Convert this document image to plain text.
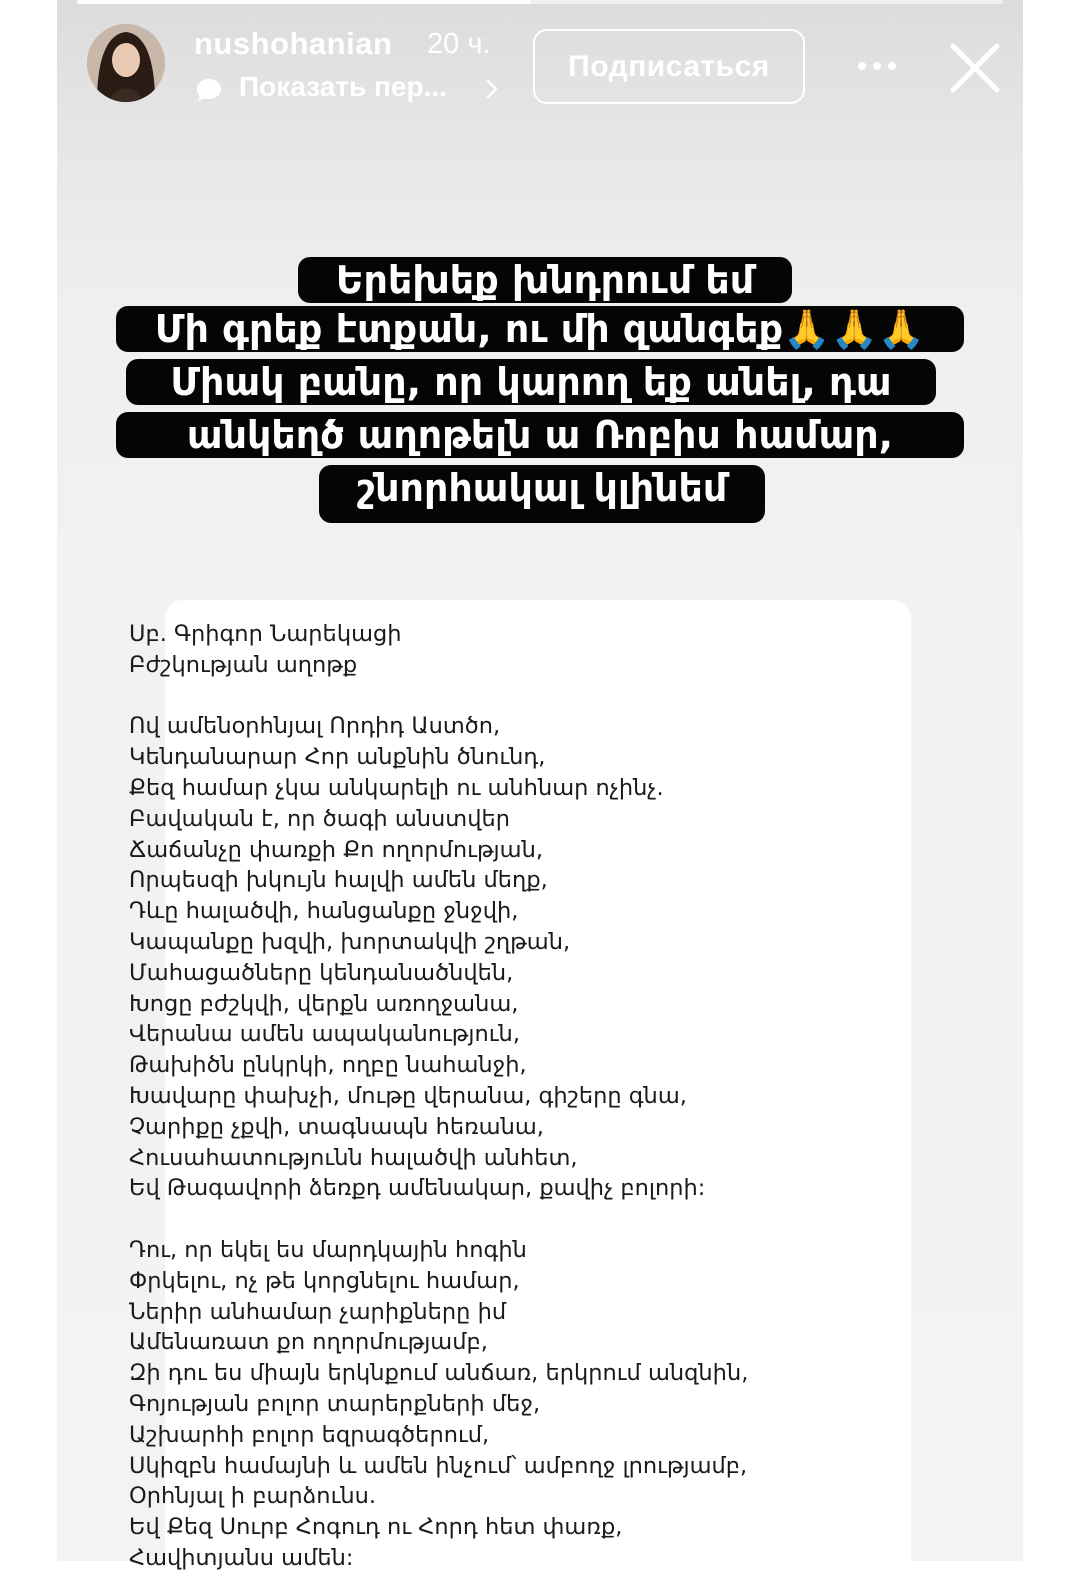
nushohanian 20 ч.
Показать пер...
Подписаться
Երեխեք խնդրում եմ
Մի գրեք էտքան, ու մի զանգեք🙏🙏🙏
Միակ բանը, որ կարող եք անել, դա
անկեղծ աղոթելն ա Ռոբիս համար,
շնորհակալ կլինեմ
Սբ. Գրիգոր Նարեկացի
Բժշկության աղոթք
Ով ամենօրհնյալ Որդիդ Աստծո,
Կենդանարար Հոր անքնին ծնունդ,
Քեզ համար չկա անկարելի ու անհնար ոչինչ.
Բավական է, որ ծագի անստվեր
Ճաճանչը փառքի Քո ողորմության,
Որպեսզի խկույն հալվի ամեն մեղք,
Դևը հալածվի, հանցանքը ջնջվի,
Կապանքը խզվի, խորտակվի շղթան,
Մահացածները կենդանածնվեն,
Խոցը բժշկվի, վերքն առողջանա,
Վերանա ամեն ապականություն,
Թախիծն ընկրկի, ողբը նահանջի,
Խավարը փախչի, մութը վերանա, գիշերը գնա,
Չարիքը չքվի, տագնապն հեռանա,
Հուսահատությունն հալածվի անհետ,
Եվ Թագավորի ձեռքդ ամենակար, քավիչ բոլորի:
Դու, որ եկել ես մարդկային հոգին
Փրկելու, ոչ թե կորցնելու համար,
Ներիր անհամար չարիքները իմ
Ամենառատ քո ողորմությամբ,
Զի դու ես միայն երկնքում անճառ, երկրում անզնին,
Գոյության բոլոր տարերքների մեջ,
Աշխարհի բոլոր եզրագծերում,
Սկիզբն համայնի և ամեն ինչում՝ ամբողջ լրությամբ,
Օրհնյալ ի բարձունս.
Եվ Քեզ Սուրբ Հոգուդ ու Հորդ հետ փառք,
Հավիտյանս ամեն:
